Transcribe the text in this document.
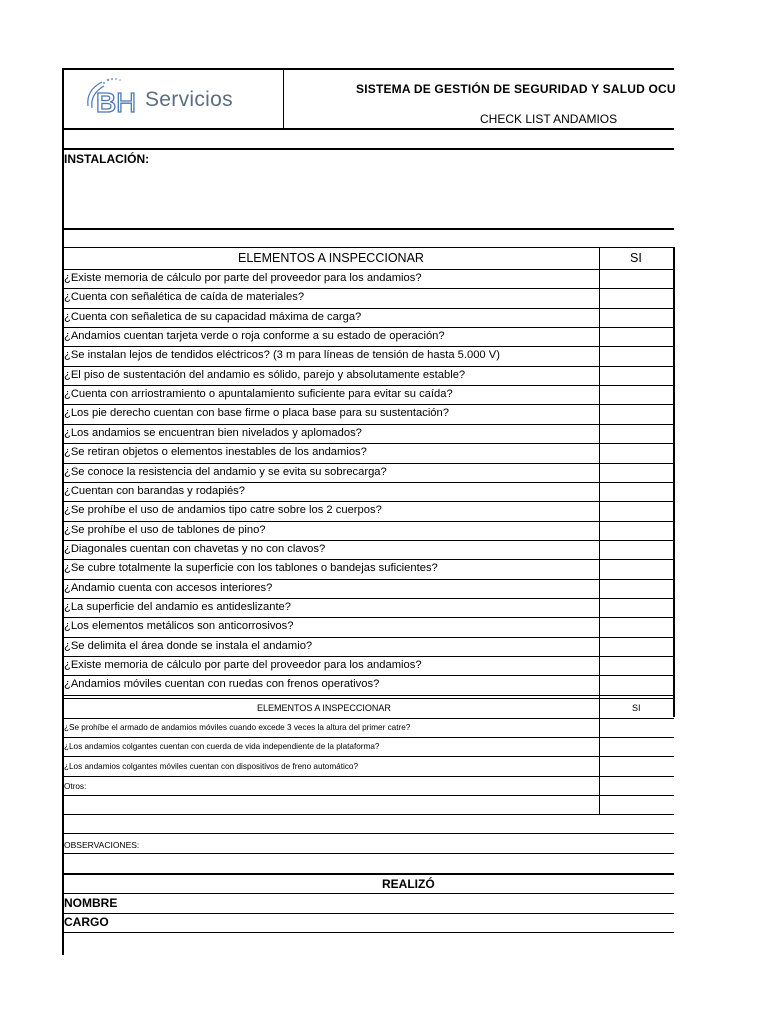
B H Servicios	SISTEMA DE GESTIÓN DE SEGURIDAD Y SALUD OCU
CHECK LIST ANDAMIOS
INSTALACIÓN:
ELEMENTOS A INSPECCIONAR	SI
¿Existe memoria de cálculo por parte del proveedor para los andamios?
¿Cuenta con señalética de caída de materiales?
¿Cuenta con señaletica de su capacidad máxima de carga?
¿Andamios cuentan tarjeta verde o roja conforme a su estado de operación?
¿Se instalan lejos de tendidos eléctricos? (3 m para líneas de tensión de hasta 5.000 V)
¿El piso de sustentación del andamio es sólido, parejo y absolutamente estable?
¿Cuenta con arriostramiento o apuntalamiento suficiente para evitar su caída?
¿Los pie derecho cuentan con base firme o placa base para su sustentación?
¿Los andamios se encuentran bien nivelados y aplomados?
¿Se retiran objetos o elementos inestables de los andamios?
¿Se conoce la resistencia del andamio y se evita su sobrecarga?
¿Cuentan con barandas y rodapiés?
¿Se prohíbe el uso de andamios tipo catre sobre los 2 cuerpos?
¿Se prohíbe el uso de tablones de pino?
¿Diagonales cuentan con chavetas y no con clavos?
¿Se cubre totalmente la superficie con los tablones o bandejas suficientes?
¿Andamio cuenta con accesos interiores?
¿La superficie del andamio es antideslizante?
¿Los elementos metálicos son anticorrosivos?
¿Se delimita el área donde se instala el andamio?
¿Existe memoria de cálculo por parte del proveedor para los andamios?
¿Andamios móviles cuentan con ruedas con frenos operativos?
ELEMENTOS A INSPECCIONAR	SI
¿Se prohíbe el armado de andamios móviles cuando excede 3 veces la altura del primer catre?
¿Los andamios colgantes cuentan con cuerda de vida independiente de la plataforma?
¿Los andamios colgantes móviles cuentan con dispositivos de freno automático?
Otros:
OBSERVACIONES:
REALIZÓ
NOMBRE
CARGO
